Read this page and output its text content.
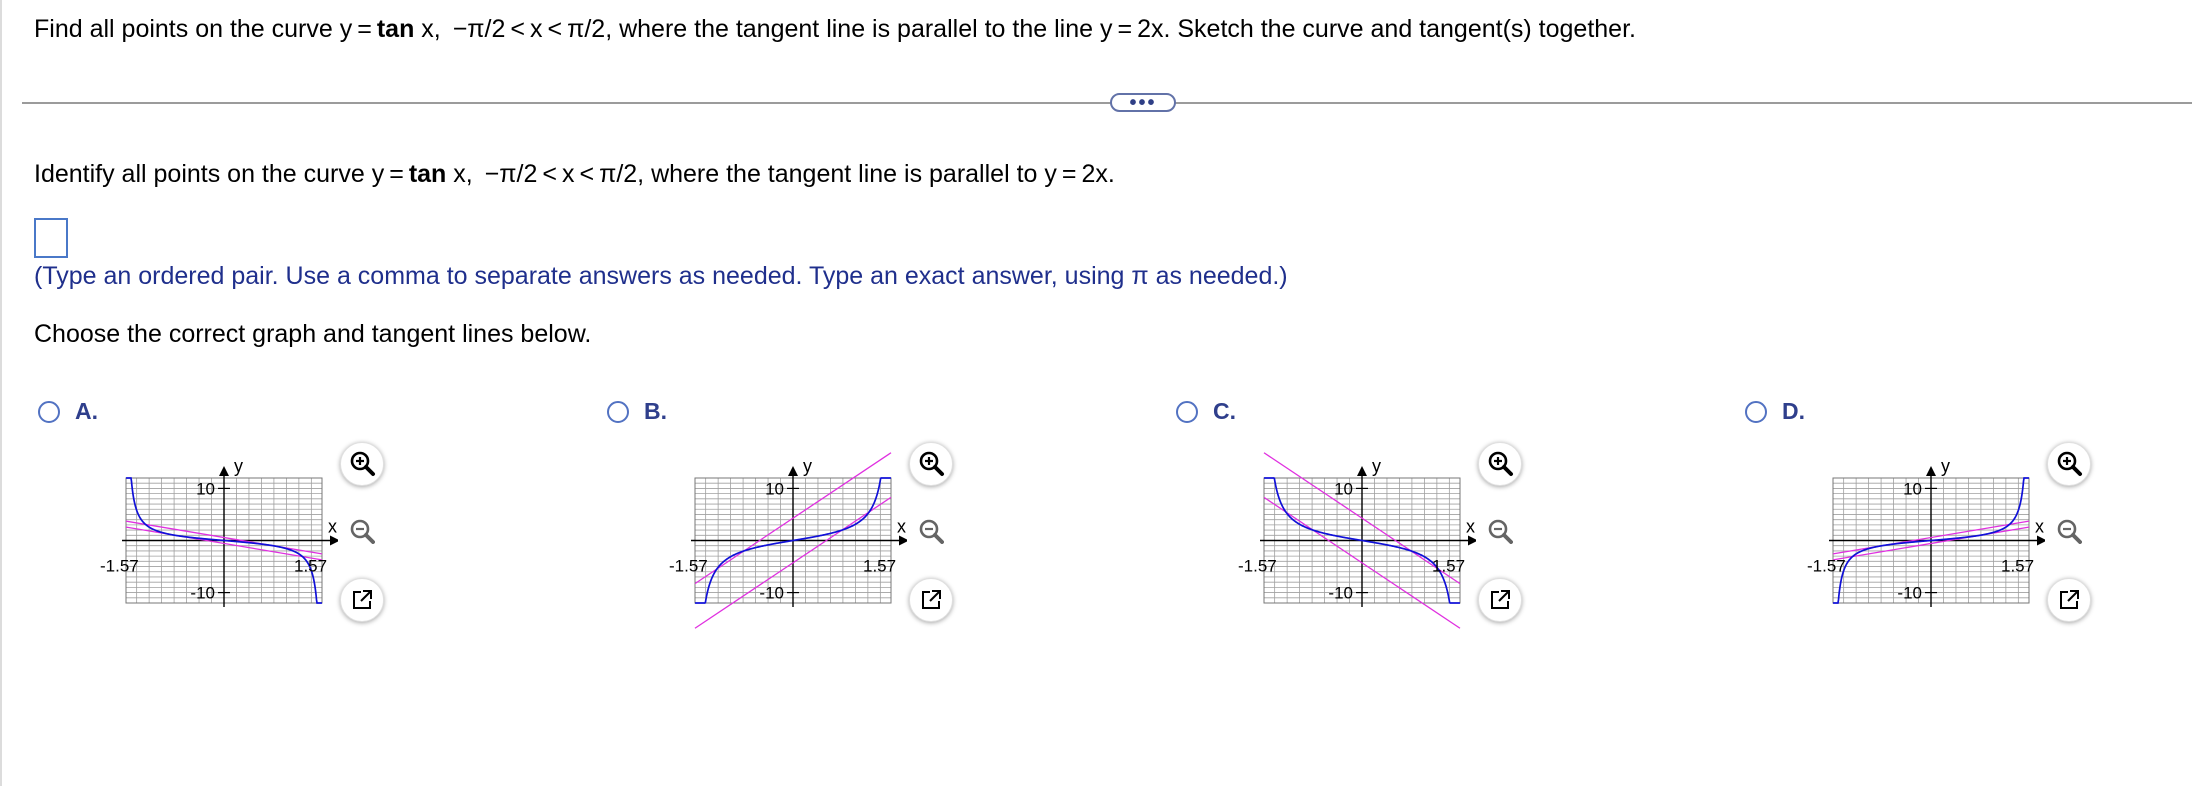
Find all points on the curve y = tan x,  −π/2 < x < π/2, where the tangent line is parallel to the line y = 2x. Sketch the curve and tangent(s) together.
•••
Identify all points on the curve y = tan x,  −π/2 < x < π/2, where the tangent line is parallel to y = 2x.
(Type an ordered pair. Use a comma to separate answers as needed. Type an exact answer, using π as needed.)
Choose the correct graph and tangent lines below.
A.
y
x
10
-10
-1.57	1.57
B.
y
x
10
-10
-1.57	1.57
C.
y
x
10
-10
-1.57	1.57
D.
y
x
10
-10
-1.57	1.57
